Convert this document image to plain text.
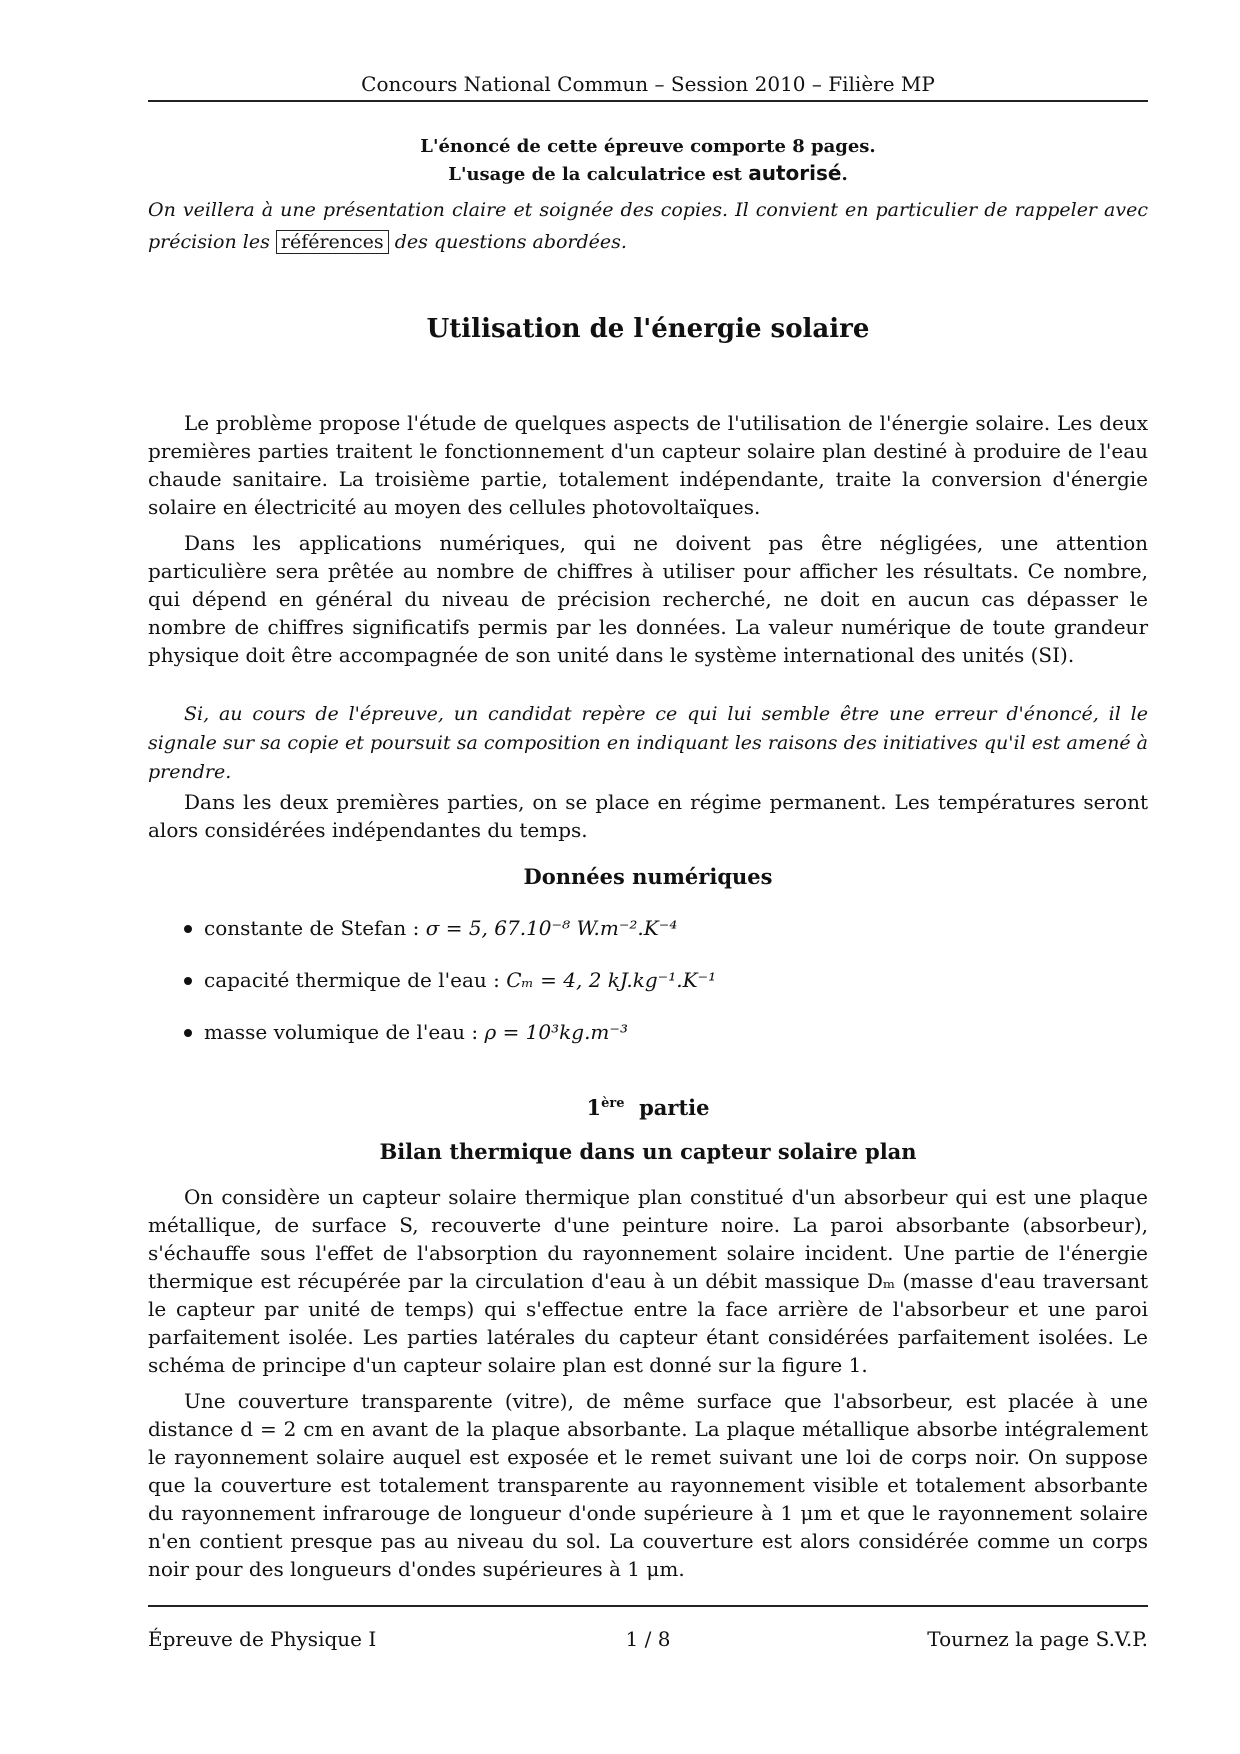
Concours National Commun – Session 2010 – Filière MP
L'énoncé de cette épreuve comporte 8 pages.
L'usage de la calculatrice est autorisé.
On veillera à une présentation claire et soignée des copies. Il convient en particulier de rappeler avec précision les références des questions abordées.
Utilisation de l'énergie solaire

Le problème propose l'étude de quelques aspects de l'utilisation de l'énergie solaire. Les deux premières parties traitent le fonctionnement d'un capteur solaire plan destiné à produire de l'eau chaude sanitaire. La troisième partie, totalement indépendante, traite la conversion d'énergie solaire en électricité au moyen des cellules photovoltaïques.

Dans les applications numériques, qui ne doivent pas être négligées, une attention particulière sera prêtée au nombre de chiffres à utiliser pour afficher les résultats. Ce nombre, qui dépend en général du niveau de précision recherché, ne doit en aucun cas dépasser le nombre de chiffres significatifs permis par les données. La valeur numérique de toute grandeur physique doit être accompagnée de son unité dans le système international des unités (SI).

Si, au cours de l'épreuve, un candidat repère ce qui lui semble être une erreur d'énoncé, il le signale sur sa copie et poursuit sa composition en indiquant les raisons des initiatives qu'il est amené à prendre.

Dans les deux premières parties, on se place en régime permanent. Les températures seront alors considérées indépendantes du temps.

Données numériques
constante de Stefan : σ = 5, 67.10⁻⁸ W.m⁻².K⁻⁴
capacité thermique de l'eau : Cₘ = 4, 2 kJ.kg⁻¹.K⁻¹
masse volumique de l'eau : ρ = 10³kg.m⁻³
1ère partie
Bilan thermique dans un capteur solaire plan

On considère un capteur solaire thermique plan constitué d'un absorbeur qui est une plaque métallique, de surface S, recouverte d'une peinture noire. La paroi absorbante (absorbeur), s'échauffe sous l'effet de l'absorption du rayonnement solaire incident. Une partie de l'énergie thermique est récupérée par la circulation d'eau à un débit massique Dₘ (masse d'eau traversant le capteur par unité de temps) qui s'effectue entre la face arrière de l'absorbeur et une paroi parfaitement isolée. Les parties latérales du capteur étant considérées parfaitement isolées. Le schéma de principe d'un capteur solaire plan est donné sur la figure 1.

Une couverture transparente (vitre), de même surface que l'absorbeur, est placée à une distance d = 2 cm en avant de la plaque absorbante. La plaque métallique absorbe intégralement le rayonnement solaire auquel est exposée et le remet suivant une loi de corps noir. On suppose que la couverture est totalement transparente au rayonnement visible et totalement absorbante du rayonnement infrarouge de longueur d'onde supérieure à 1 μm et que le rayonnement solaire n'en contient presque pas au niveau du sol. La couverture est alors considérée comme un corps noir pour des longueurs d'ondes supérieures à 1 μm.

Épreuve de Physique I	1 / 8	Tournez la page S.V.P.
